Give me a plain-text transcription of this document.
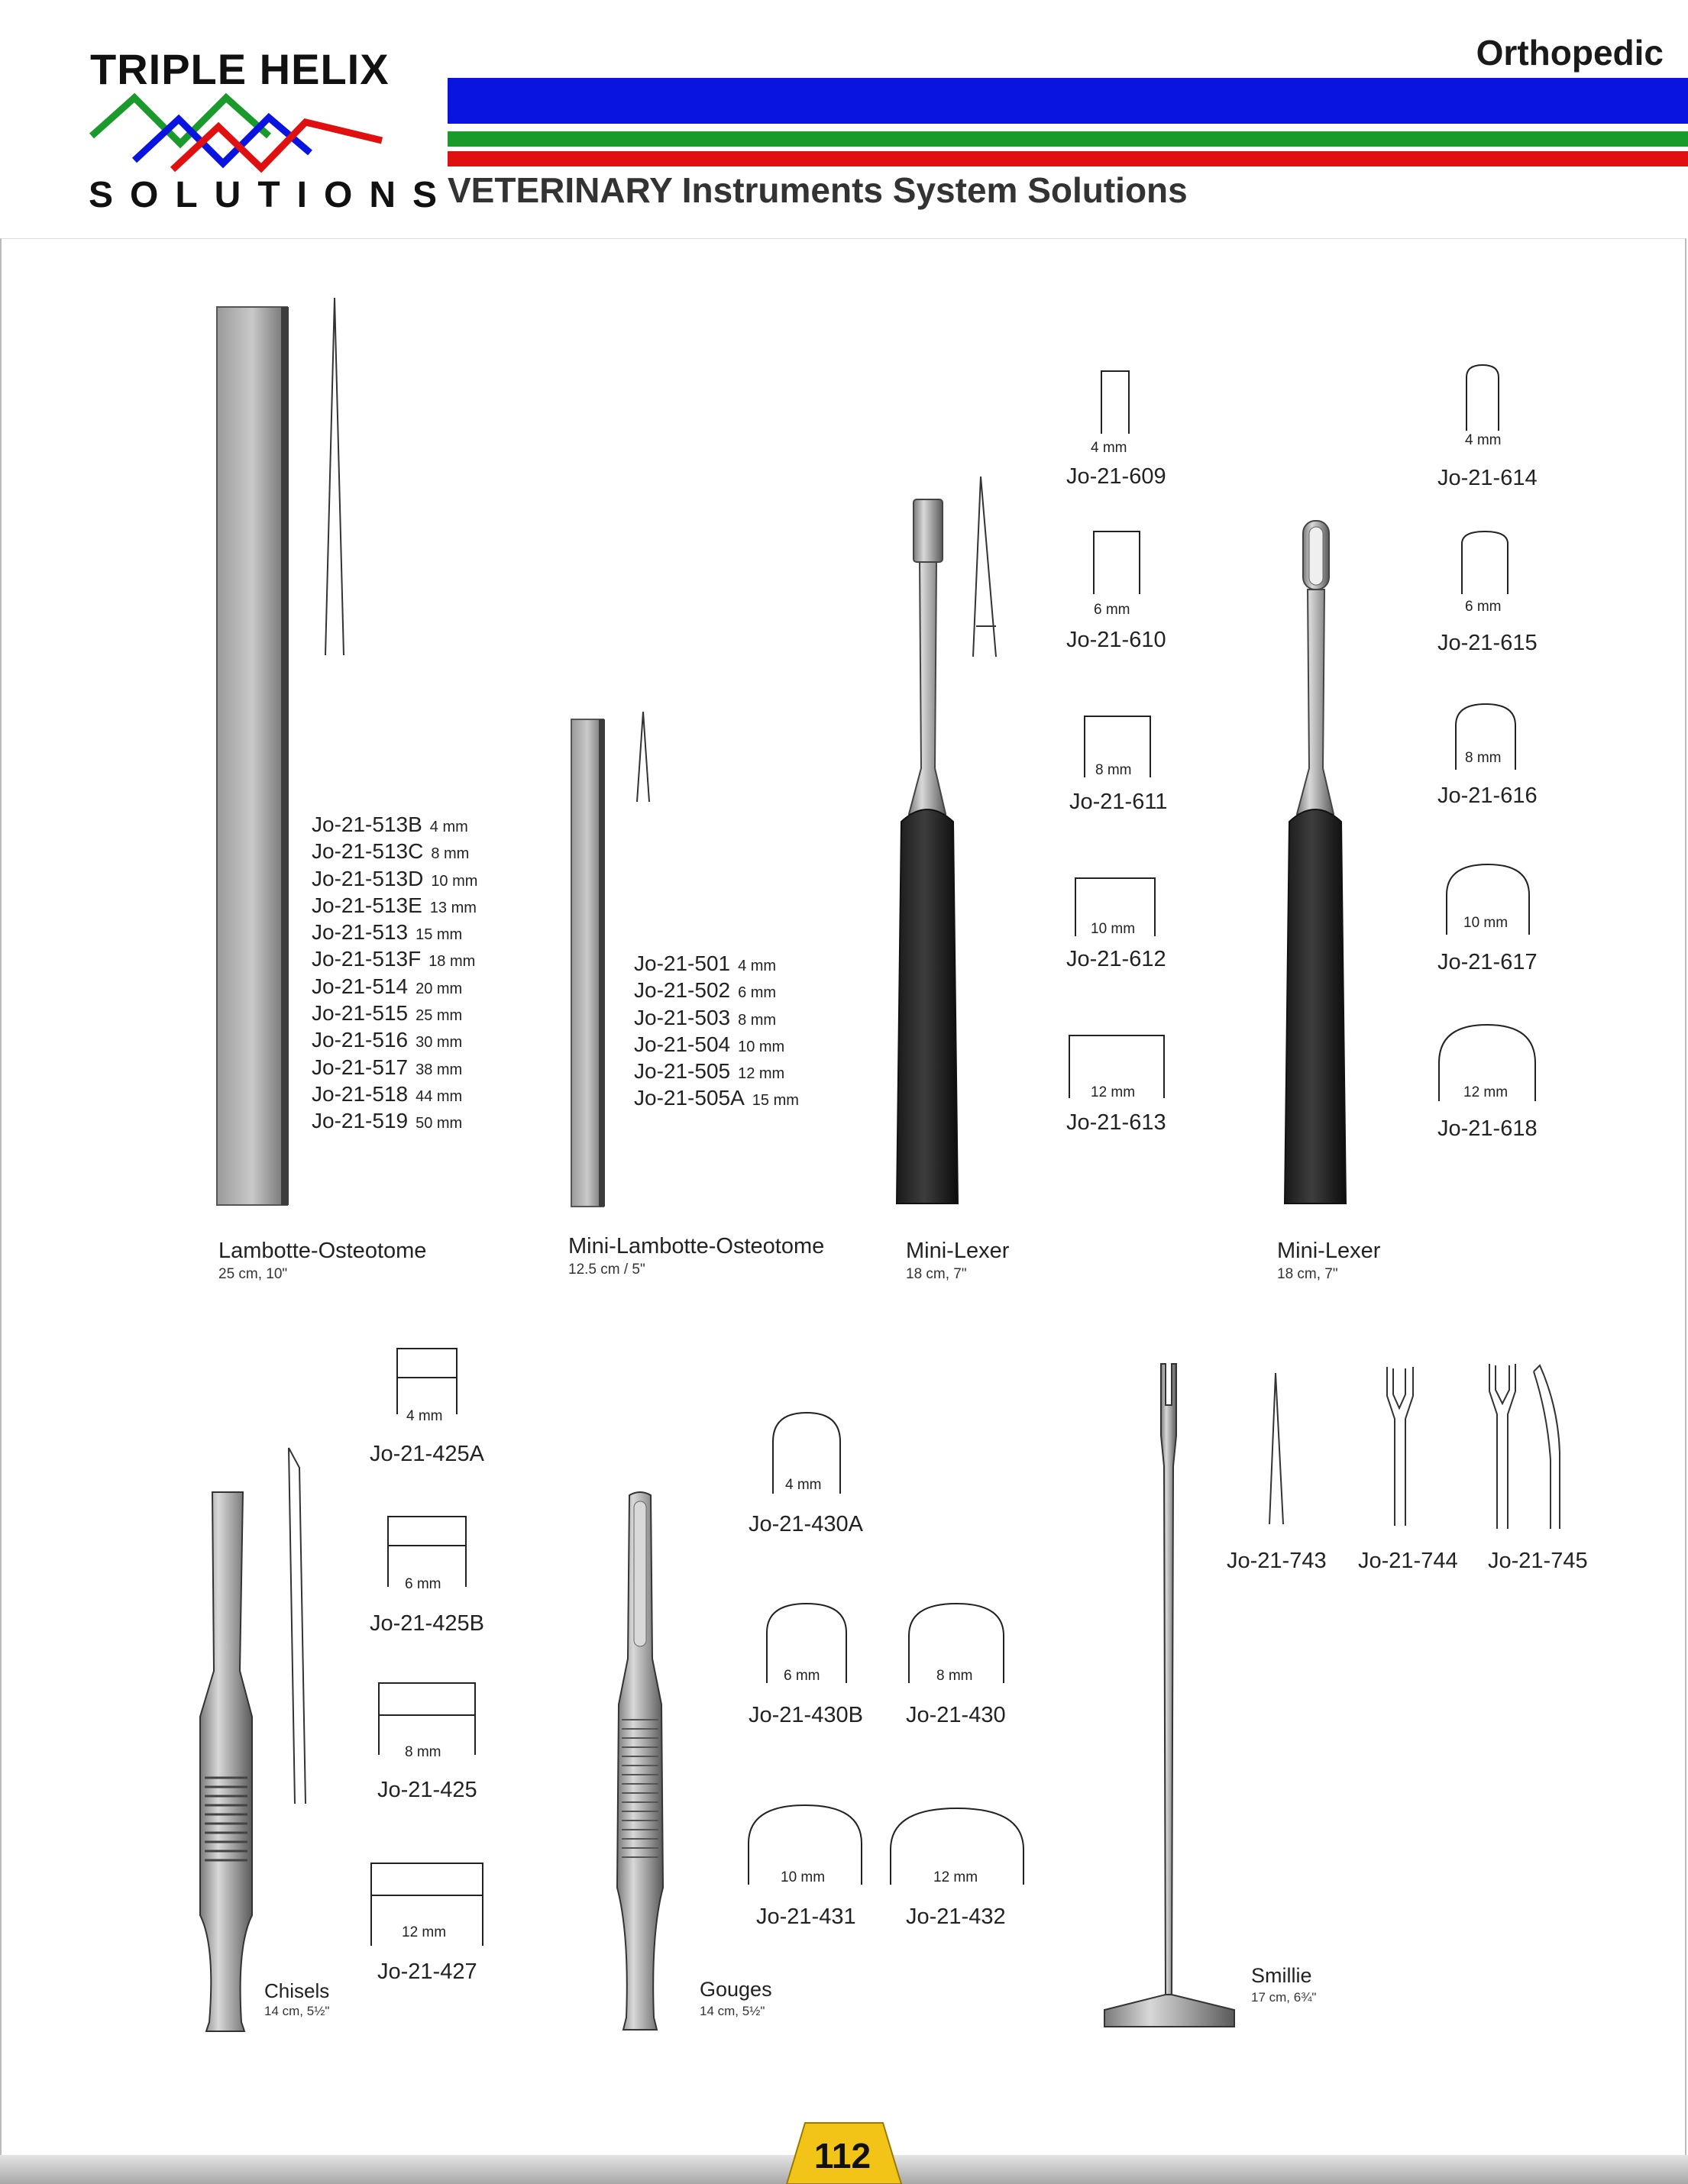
TRIPLE HELIX
SOLUTIONS
Orthopedic
VETERINARY Instruments System Solutions
Jo-21-513B 4 mm
Jo-21-513C 8 mm
Jo-21-513D 10 mm
Jo-21-513E 13 mm
Jo-21-513 15 mm
Jo-21-513F 18 mm
Jo-21-514 20 mm
Jo-21-515 25 mm
Jo-21-516 30 mm
Jo-21-517 38 mm
Jo-21-518 44 mm
Jo-21-519 50 mm
Lambotte-Osteotome
25 cm, 10"
Jo-21-501 4 mm
Jo-21-502 6 mm
Jo-21-503 8 mm
Jo-21-504 10 mm
Jo-21-505 12 mm
Jo-21-505A 15 mm
Mini-Lambotte-Osteotome
12.5 cm / 5"
4 mm
Jo-21-609
6 mm
Jo-21-610
8 mm
Jo-21-611
10 mm
Jo-21-612
12 mm
Jo-21-613
Mini-Lexer
18 cm, 7"
4 mm
Jo-21-614
6 mm
Jo-21-615
8 mm
Jo-21-616
10 mm
Jo-21-617
12 mm
Jo-21-618
Mini-Lexer
18 cm, 7"
4 mm
Jo-21-425A
6 mm
Jo-21-425B
8 mm
Jo-21-425
12 mm
Jo-21-427
Chisels
14 cm, 5½"
4 mm
Jo-21-430A
6 mm
Jo-21-430B
8 mm
Jo-21-430
10 mm
Jo-21-431
12 mm
Jo-21-432
Gouges
14 cm, 5½"
Jo-21-743 Jo-21-744 Jo-21-745
Smillie
17 cm, 6¾"
112
